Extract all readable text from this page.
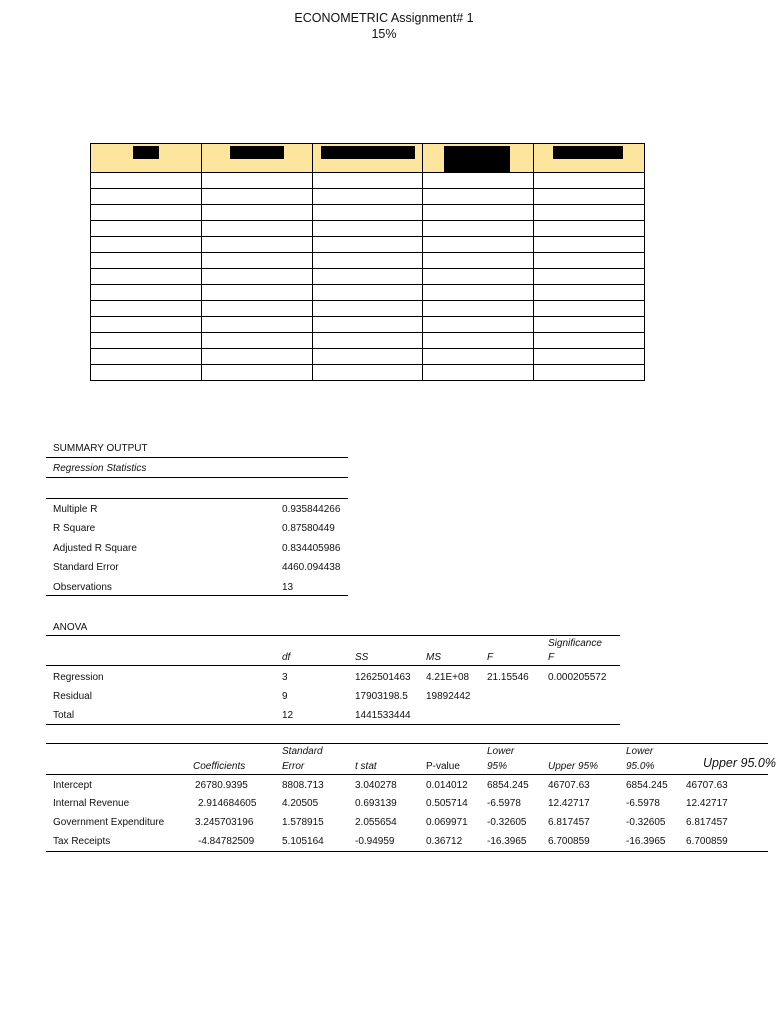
ECONOMETRIC Assignment# 1
15%

SUMMARY OUTPUT
Regression Statistics
Multiple R	0.935844266
R Square	0.87580449
Adjusted R Square	0.834405986
Standard Error	4460.094438
Observations	13
ANOVA
Significance
df	SS	MS	F	F
Regression	3	1262501463 4.21E+08 21.15546 0.000205572
Residual	9	17903198.5 19892442
Total	12	1441533444
Standard	Lower	Lower
Coefficients	Error	t stat	P-value	95%	Upper 95%	95.0%	Upper 95.0%
Intercept	26780.9395	8808.713	3.040278	0.014012 6854.245 46707.63	6854.245 46707.63
Internal Revenue	2.914684605	4.20505	0.693139	0.505714 -6.5978	12.42717	-6.5978	12.42717
Government Expenditure	3.245703196	1.578915	2.055654	0.069971 -0.32605 6.817457	-0.32605 6.817457
Tax Receipts	-4.84782509	5.105164	-0.94959	0.36712 -16.3965 6.700859	-16.3965 6.700859
